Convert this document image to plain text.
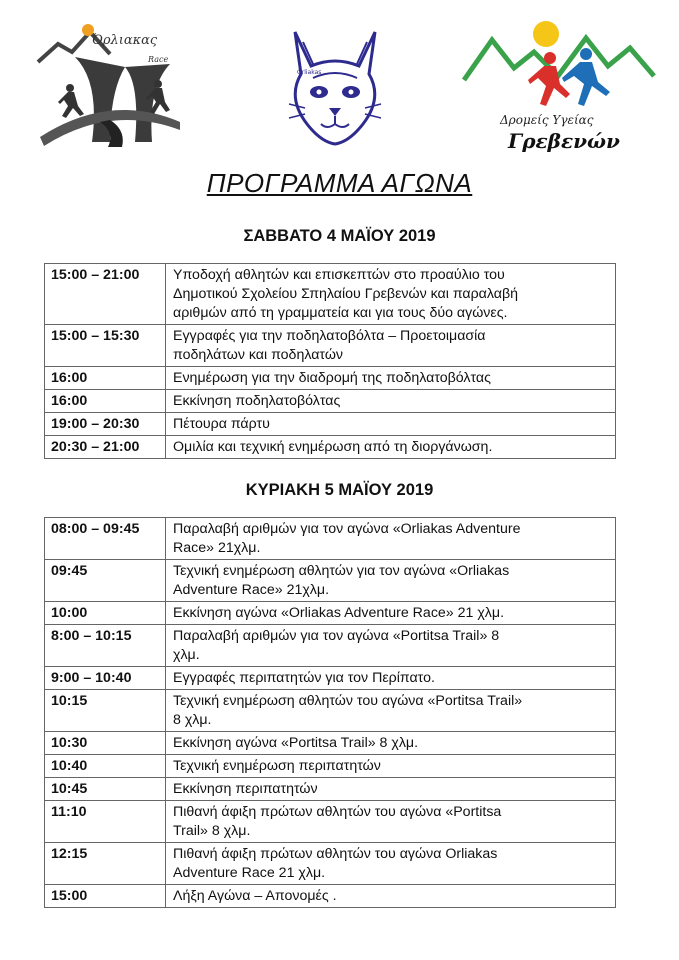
Όρλιακας
Race
Orliakas
Δρομείς Υγείας
Γρεβενών
ΠΡΟΓΡΑΜΜΑ ΑΓΩΝΑ
ΣΑΒΒΑΤΟ 4 ΜΑΪΟΥ 2019
15:00 – 21:00	Υποδοχή αθλητών και επισκεπτών στο προαύλιο του
Δημοτικού Σχολείου Σπηλαίου Γρεβενών και παραλαβή
αριθμών από τη γραμματεία και για τους δύο αγώνες.

15:00 – 15:30	Εγγραφές για την ποδηλατοβόλτα – Προετοιμασία
ποδηλάτων και ποδηλατών

16:00	Ενημέρωση για την διαδρομή της ποδηλατοβόλτας

16:00	Εκκίνηση ποδηλατοβόλτας

19:00 – 20:30	Πέτουρα πάρτυ

20:30 – 21:00	Ομιλία και τεχνική ενημέρωση από τη διοργάνωση.
ΚΥΡΙΑΚΗ 5 ΜΑΪΟΥ 2019
08:00 – 09:45	Παραλαβή αριθμών για τον αγώνα «Orliakas Adventure
Race» 21χλμ.

09:45	Τεχνική ενημέρωση αθλητών για τον αγώνα «Orliakas
Adventure Race» 21χλμ.

10:00	Εκκίνηση αγώνα «Orliakas Adventure Race» 21 χλμ.

8:00 – 10:15	Παραλαβή αριθμών για τον αγώνα «Portitsa Trail» 8
χλμ.

9:00 – 10:40	Εγγραφές περιπατητών για τον Περίπατο.

10:15	Τεχνική ενημέρωση αθλητών του αγώνα «Portitsa Trail»
8 χλμ.

10:30	Εκκίνηση αγώνα «Portitsa Trail» 8 χλμ.

10:40	Τεχνική ενημέρωση περιπατητών

10:45	Εκκίνηση περιπατητών

11:10	Πιθανή άφιξη πρώτων αθλητών του αγώνα «Portitsa
Trail» 8 χλμ.

12:15	Πιθανή άφιξη πρώτων αθλητών του αγώνα Orliakas
Adventure Race 21 χλμ.

15:00	Λήξη Αγώνα – Απονομές .
